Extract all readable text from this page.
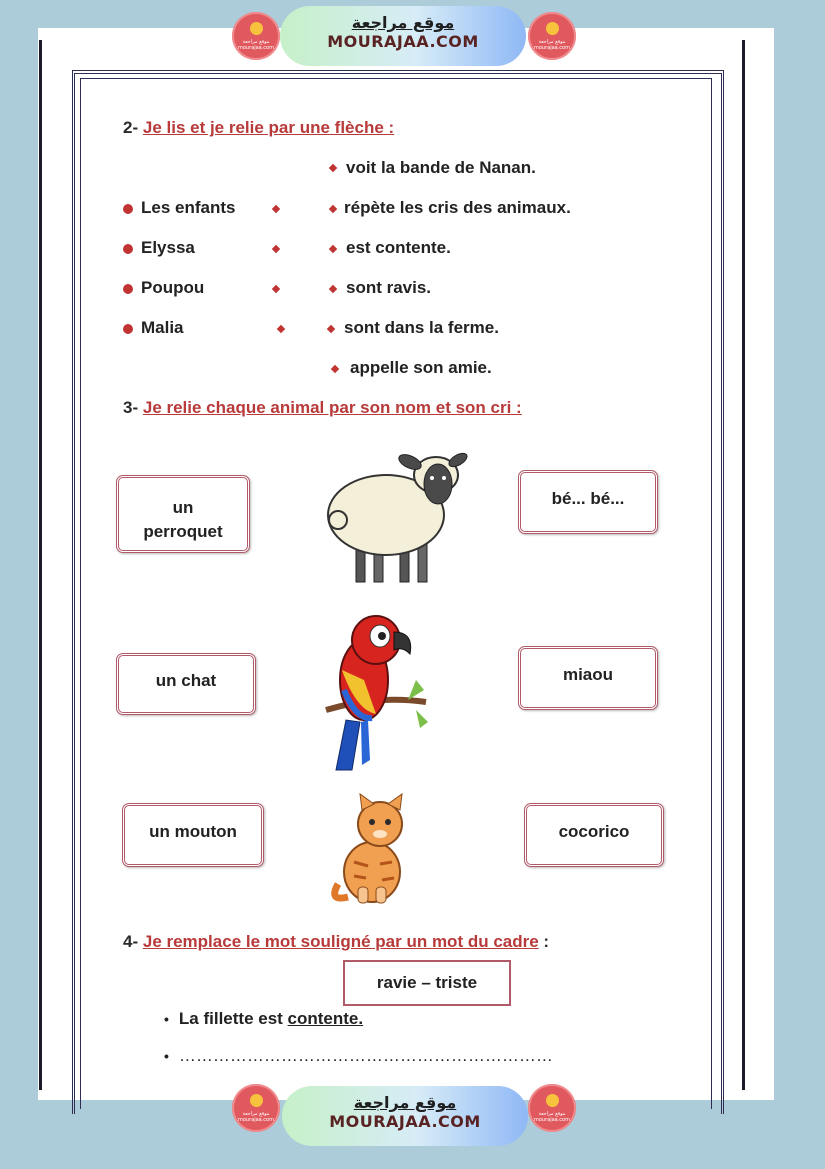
موقع مراجعة mourajaa.com
موقع مراجعة
MOURAJAA.COM	موقع مراجعة mourajaa.com
2- Je lis et je relie par une flèche :
Les enfants
Elyssa
Poupou
Malia
voit la bande de Nanan.
répète les cris des animaux.
est contente.
sont ravis.
sont dans la ferme.
appelle son amie.
3- Je relie chaque animal par son nom et son cri :
un perroquet
un chat
un mouton
bé... bé...
miaou
cocorico
4- Je remplace le mot souligné par un mot du cadre :
ravie – triste
• La fillette est contente.
• …………………………………………………………
موقع مراجعة mourajaa.com
موقع مراجعة
MOURAJAA.COM	موقع مراجعة mourajaa.com
